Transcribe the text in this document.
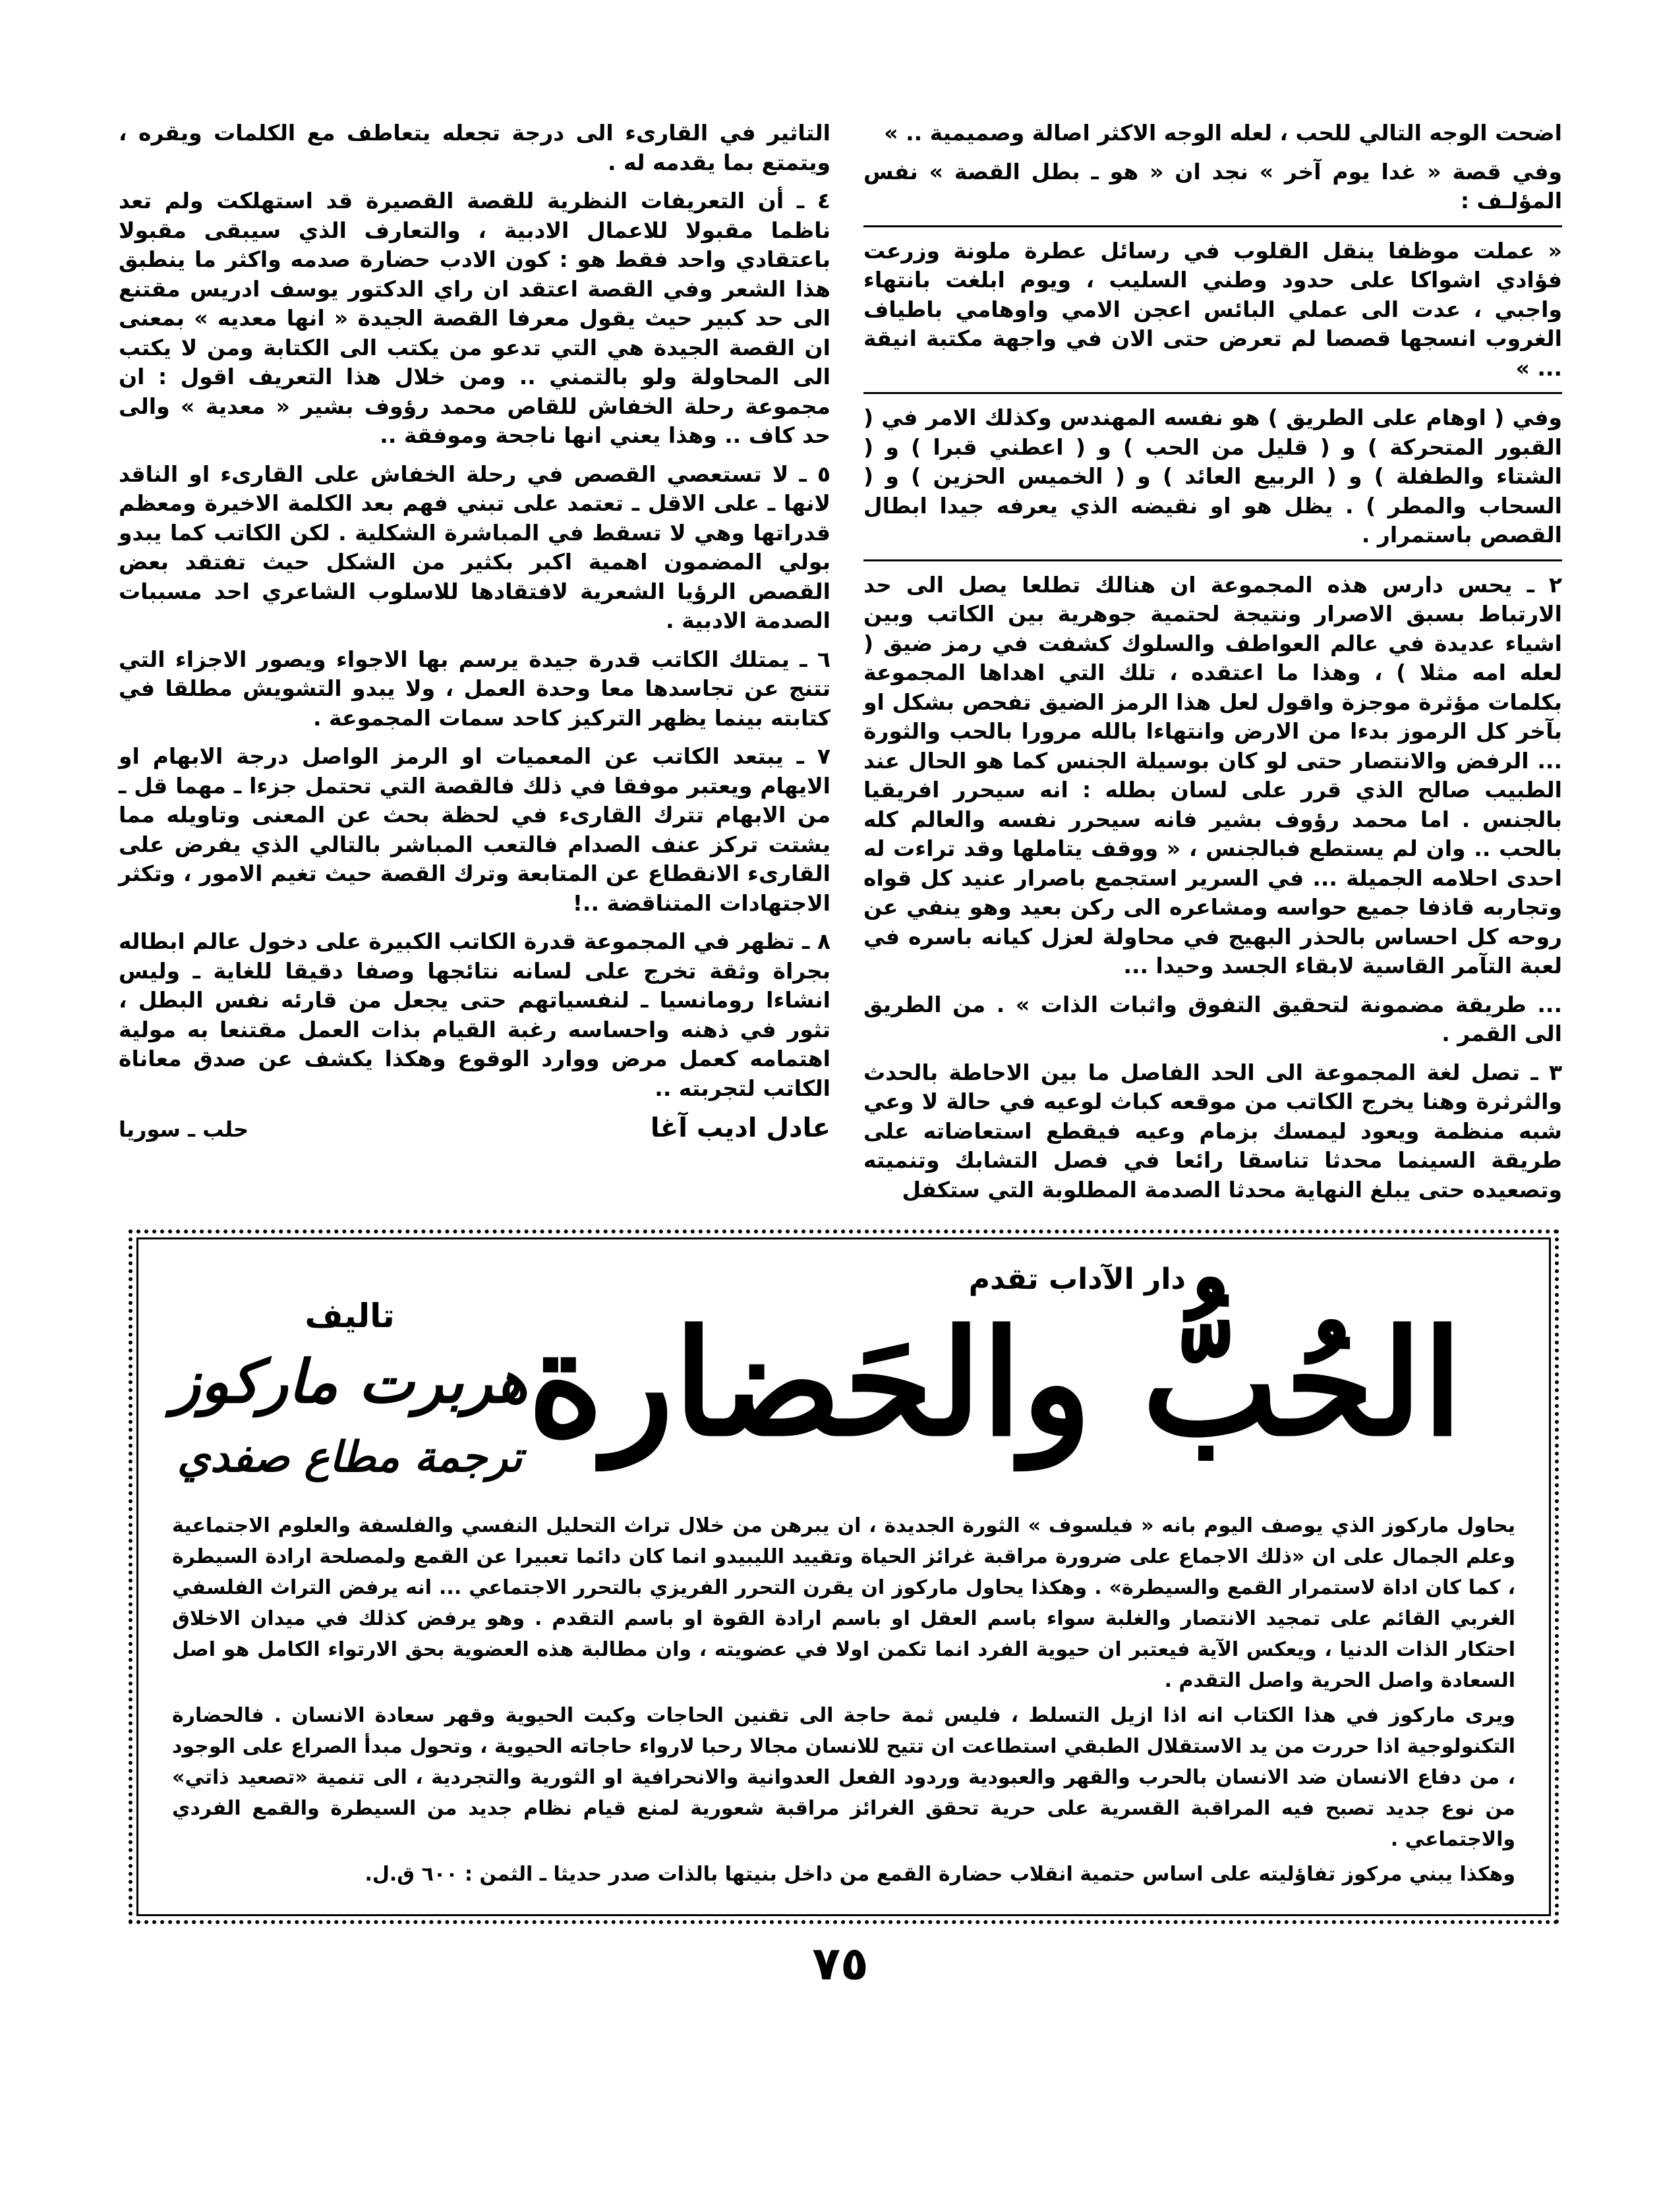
اضحت الوجه التالي للحب ، لعله الوجه الاكثر اصالة وصميمية .. »

وفي قصة « غدا يوم آخر » نجد ان « هو ـ بطل القصة » نفس المؤلـف :

« عملت موظفا ينقل القلوب في رسائل عطرة ملونة وزرعت فؤادي اشواكا على حدود وطني السليب ، ويوم ابلغت بانتهاء واجبي ، عدت الى عملي البائس اعجن الامي واوهامي باطياف الغروب انسجها قصصا لم تعرض حتى الان في واجهة مكتبة انيقة ... »

وفي ( اوهام على الطريق ) هو نفسه المهندس وكذلك الامر في ( القبور المتحركة ) و ( قليل من الحب ) و ( اعطني قبرا ) و ( الشتاء والطفلة ) و ( الربيع العائد ) و ( الخميس الحزين ) و ( السحاب والمطر ) . يظل هو او نقيضه الذي يعرفه جيدا ابطال القصص باستمرار .

٢ ـ يحس دارس هذه المجموعة ان هنالك تطلعا يصل الى حد الارتباط بسبق الاصرار ونتيجة لحتمية جوهرية بين الكاتب وبين اشياء عديدة في عالم العواطف والسلوك كشفت في رمز ضيق ( لعله امه مثلا ) ، وهذا ما اعتقده ، تلك التي اهداها المجموعة بكلمات مؤثرة موجزة واقول لعل هذا الرمز الضيق تفحص بشكل او بآخر كل الرموز بدءا من الارض وانتهاءا بالله مرورا بالحب والثورة ... الرفض والانتصار حتى لو كان بوسيلة الجنس كما هو الحال عند الطبيب صالح الذي قرر على لسان بطله : انه سيحرر افريقيا بالجنس . اما محمد رؤوف بشير فانه سيحرر نفسه والعالم كله بالحب .. وان لم يستطع فبالجنس ، « ووقف يتاملها وقد تراءت له احدى احلامه الجميلة ... في السرير استجمع باصرار عنيد كل قواه وتجاربه قاذفا جميع حواسه ومشاعره الى ركن بعيد وهو ينفي عن روحه كل احساس بالحذر البهيج في محاولة لعزل كيانه باسره في لعبة التآمر القاسية لابقاء الجسد وحيدا ...

... طريقة مضمونة لتحقيق التفوق واثبات الذات » . من الطريق الى القمر .

٣ ـ تصل لغة المجموعة الى الحد الفاصل ما بين الاحاطة بالحدث والثرثرة وهنا يخرج الكاتب من موقعه كباث لوعيه في حالة لا وعي شبه منظمة ويعود ليمسك بزمام وعيه فيقطع استعاضاته على طريقة السينما محدثا تناسقا رائعا في فصل التشابك وتنميته وتصعيده حتى يبلغ النهاية محدثا الصدمة المطلوبة التي ستكفل

التاثير في القارىء الى درجة تجعله يتعاطف مع الكلمات ويقره ، ويتمتع بما يقدمه له .

٤ ـ أن التعريفات النظرية للقصة القصيرة قد استهلكت ولم تعد ناظما مقبولا للاعمال الادبية ، والتعارف الذي سيبقى مقبولا باعتقادي واحد فقط هو : كون الادب حضارة صدمه واكثر ما ينطبق هذا الشعر وفي القصة اعتقد ان راي الدكتور يوسف ادريس مقتنع الى حد كبير حيث يقول معرفا القصة الجيدة « انها معديه » بمعنى ان القصة الجيدة هي التي تدعو من يكتب الى الكتابة ومن لا يكتب الى المحاولة ولو بالتمني .. ومن خلال هذا التعريف اقول : ان مجموعة رحلة الخفاش للقاص محمد رؤوف بشير « معدية » والى حد كاف .. وهذا يعني انها ناجحة وموفقة ..

٥ ـ لا تستعصي القصص في رحلة الخفاش على القارىء او الناقد لانها ـ على الاقل ـ تعتمد على تبني فهم بعد الكلمة الاخيرة ومعظم قدراتها وهي لا تسقط في المباشرة الشكلية . لكن الكاتب كما يبدو بولي المضمون اهمية اكبر بكثير من الشكل حيث تفتقد بعض القصص الرؤيا الشعرية لافتقادها للاسلوب الشاعري احد مسببات الصدمة الادبية .

٦ ـ يمتلك الكاتب قدرة جيدة يرسم بها الاجواء ويصور الاجزاء التي تتنج عن تجاسدها معا وحدة العمل ، ولا يبدو التشويش مطلقا في كتابته بينما يظهر التركيز كاحد سمات المجموعة .

٧ ـ يبتعد الكاتب عن المعميات او الرمز الواصل درجة الابهام او الايهام ويعتبر موفقا في ذلك فالقصة التي تحتمل جزءا ـ مهما قل ـ من الابهام تترك القارىء في لحظة بحث عن المعنى وتاويله مما يشتت تركز عنف الصدام فالتعب المباشر بالتالي الذي يفرض على القارىء الانقطاع عن المتابعة وترك القصة حيث تغيم الامور ، وتكثر الاجتهادات المتناقضة ..!

٨ ـ تظهر في المجموعة قدرة الكاتب الكبيرة على دخول عالم ابطاله بجراة وثقة تخرج على لسانه نتائجها وصفا دقيقا للغاية ـ وليس انشاءا رومانسيا ـ لنفسياتهم حتى يجعل من قارئه نفس البطل ، تثور في ذهنه واحساسه رغبة القيام بذات العمل مقتنعا به مولية اهتمامه كعمل مرض ووارد الوقوع وهكذا يكشف عن صدق معاناة الكاتب لتجربته ..

عادل اديب آغا
حلب ـ سوريا
دار الآداب تقدم
الحُبُّ والحَضارة
تاليف
هربرت ماركوز
ترجمة مطاع صفدي

يحاول ماركوز الذي يوصف اليوم بانه « فيلسوف » الثورة الجديدة ، ان يبرهن من خلال تراث التحليل النفسي والفلسفة والعلوم الاجتماعية وعلم الجمال على ان «ذلك الاجماع على ضرورة مراقبة غرائز الحياة وتقييد الليبيدو انما كان دائما تعبيرا عن القمع ولمصلحة ارادة السيطرة ، كما كان اداة لاستمرار القمع والسيطرة» . وهكذا يحاول ماركوز ان يقرن التحرر الفريزي بالتحرر الاجتماعي ... انه يرفض التراث الفلسفي الغربي القائم على تمجيد الانتصار والغلبة سواء باسم العقل او باسم ارادة القوة او باسم التقدم . وهو يرفض كذلك في ميدان الاخلاق احتكار الذات الدنيا ، ويعكس الآية فيعتبر ان حيوية الفرد انما تكمن اولا في عضويته ، وان مطالبة هذه العضوية بحق الارتواء الكامل هو اصل السعادة واصل الحرية واصل التقدم .

ويرى ماركوز في هذا الكتاب انه اذا ازيل التسلط ، فليس ثمة حاجة الى تقنين الحاجات وكبت الحيوية وقهر سعادة الانسان . فالحضارة التكنولوجية اذا حررت من يد الاستقلال الطبقي استطاعت ان تتيح للانسان مجالا رحبا لارواء حاجاته الحيوية ، وتحول مبدأ الصراع على الوجود ، من دفاع الانسان ضد الانسان بالحرب والقهر والعبودية وردود الفعل العدوانية والانحرافية او الثورية والتجردية ، الى تنمية «تصعيد ذاتي» من نوع جديد تصبح فيه المراقبة القسرية على حرية تحقق الغرائز مراقبة شعورية لمنع قيام نظام جديد من السيطرة والقمع الفردي والاجتماعي .

وهكذا يبني مركوز تفاؤليته على اساس حتمية انقلاب حضارة القمع من داخل بنيتها بالذات صدر حديثا ـ الثمن : ٦٠٠ ق.ل.

٧٥
